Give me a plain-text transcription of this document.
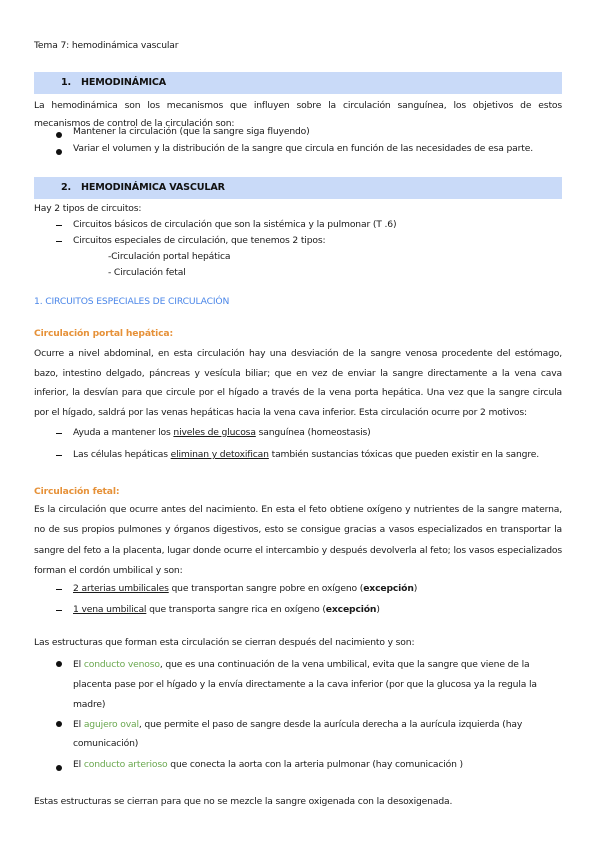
Tema 7: hemodinámica vascular
1. HEMODINÁMICA
La hemodinámica son los mecanismos que influyen sobre la circulación sanguínea, los objetivos de estos mecanismos de control de la circulación son:
Mantener la circulación (que la sangre siga fluyendo)
Variar el volumen y la distribución de la sangre que circula en función de las necesidades de esa parte.
2. HEMODINÁMICA VASCULAR
Hay 2 tipos de circuitos:
Circuitos básicos de circulación que son la sistémica y la pulmonar (T .6)
Circuitos especiales de circulación, que tenemos 2 tipos:
-Circulación portal hepática
- Circulación fetal
1. CIRCUITOS ESPECIALES DE CIRCULACIÓN
Circulación portal hepática:
Ocurre a nivel abdominal, en esta circulación hay una desviación de la sangre venosa procedente del estómago, bazo, intestino delgado, páncreas y vesícula biliar; que en vez de enviar la sangre directamente a la vena cava inferior, la desvían para que circule por el hígado a través de la vena porta hepática. Una vez que la sangre circula por el hígado, saldrá por las venas hepáticas hacia la vena cava inferior. Esta circulación ocurre por 2 motivos:
Ayuda a mantener los niveles de glucosa sanguínea (homeostasis)
Las células hepáticas eliminan y detoxifican también sustancias tóxicas que pueden existir en la sangre.
Circulación fetal:
Es la circulación que ocurre antes del nacimiento. En esta el feto obtiene oxígeno y nutrientes de la sangre materna, no de sus propios pulmones y órganos digestivos, esto se consigue gracias a vasos especializados en transportar la sangre del feto a la placenta, lugar donde ocurre el intercambio y después devolverla al feto; los vasos especializados forman el cordón umbilical y son:
2 arterias umbilicales que transportan sangre pobre en oxígeno (excepción)
1 vena umbilical que transporta sangre rica en oxígeno (excepción)
Las estructuras que forman esta circulación se cierran después del nacimiento y son:
El conducto venoso, que es una continuación de la vena umbilical, evita que la sangre que viene de la placenta pase por el hígado y la envía directamente a la cava inferior (por que la glucosa ya la regula la madre)
El agujero oval, que permite el paso de sangre desde la aurícula derecha a la aurícula izquierda (hay comunicación)
El conducto arterioso que conecta la aorta con la arteria pulmonar (hay comunicación )
Estas estructuras se cierran para que no se mezcle la sangre oxigenada con la desoxigenada.
